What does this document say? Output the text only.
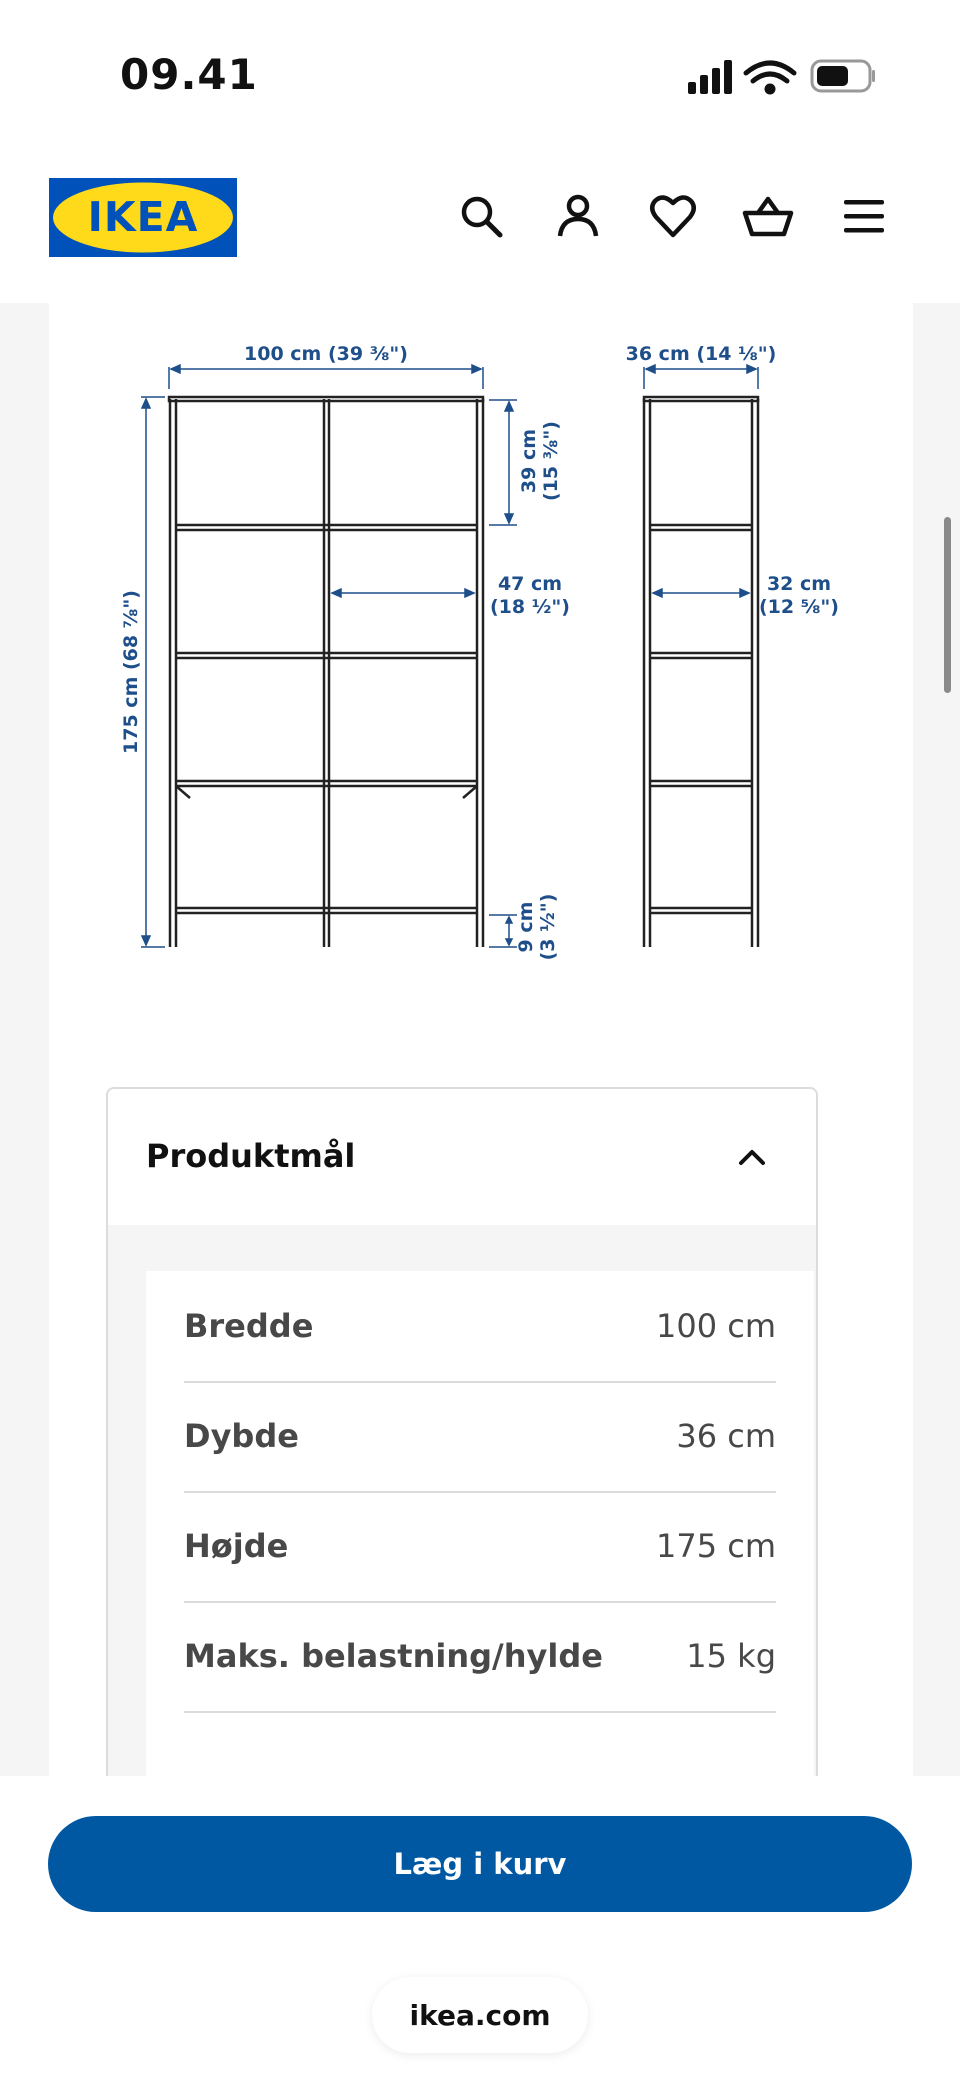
09.41
IKEA
100 cm (39 ⅜")
175 cm (68 ⅞")
39 cm (15 ⅜")
47 cm
(18 ½")
9 cm (3 ½")
36 cm (14 ⅛")
32 cm
(12 ⅝")
Produktmål
Bredde	100 cm
Dybde	36 cm
Højde	175 cm
Maks. belastning/hylde	15 kg
Læg i kurv
ikea.com
